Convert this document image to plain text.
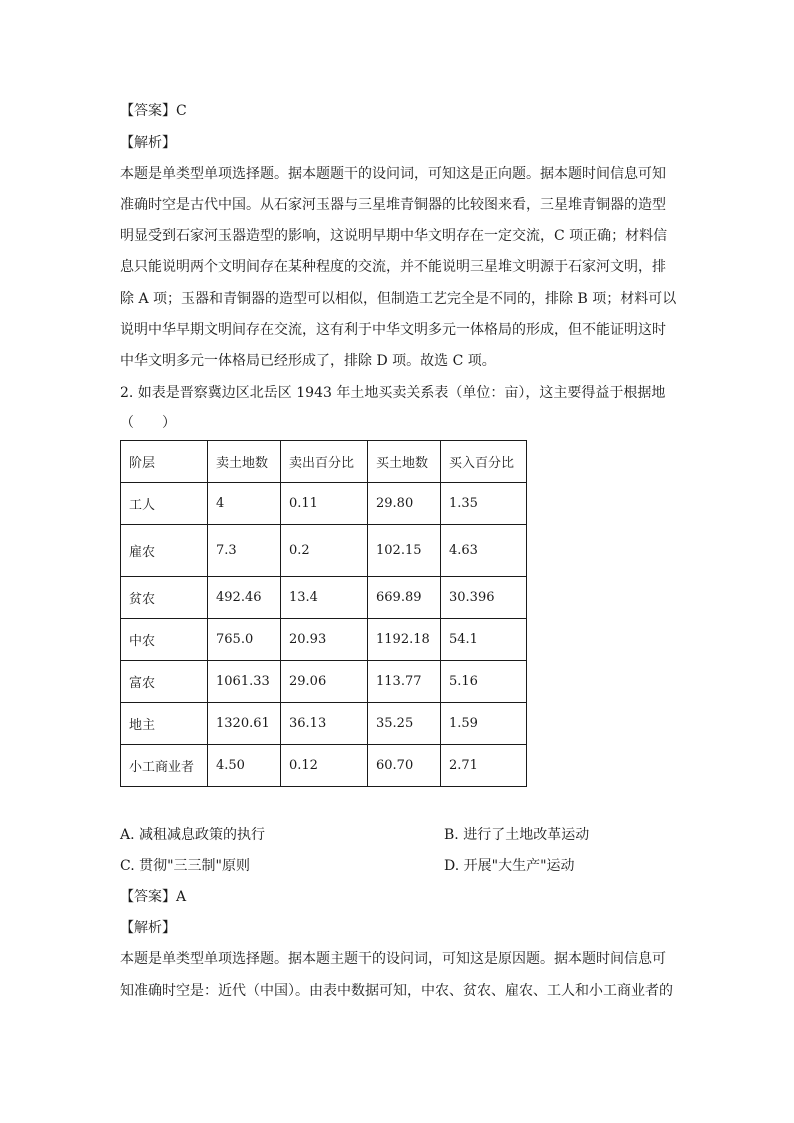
【答案】C
【解析】
本题是单类型单项选择题。据本题题干的设问词，可知这是正向题。据本题时间信息可知
准确时空是古代中国。从石家河玉器与三星堆青铜器的比较图来看，三星堆青铜器的造型
明显受到石家河玉器造型的影响，这说明早期中华文明存在一定交流，C 项正确；材料信
息只能说明两个文明间存在某种程度的交流，并不能说明三星堆文明源于石家河文明，排
除 A 项；玉器和青铜器的造型可以相似，但制造工艺完全是不同的，排除 B 项；材料可以
说明中华早期文明间存在交流，这有利于中华文明多元一体格局的形成，但不能证明这时
中华文明多元一体格局已经形成了，排除 D 项。故选 C 项。
2. 如表是晋察冀边区北岳区 1943 年土地买卖关系表（单位：亩），这主要得益于根据地
（　　）
阶层	卖土地数	卖出百分比	买土地数	买入百分比
工人	4	0.11	29.80	1.35
雇农	7.3	0.2	102.15	4.63
贫农	492.46	13.4	669.89	30.396
中农	765.0	20.93	1192.18	54.1
富农	1061.33	29.06	113.77	5.16
地主	1320.61	36.13	35.25	1.59
小工商业者	4.50	0.12	60.70	2.71
A. 减租减息政策的执行	B. 进行了土地改革运动
C. 贯彻"三三制"原则	D. 开展"大生产"运动
【答案】A
【解析】
本题是单类型单项选择题。据本题主题干的设问词，可知这是原因题。据本题时间信息可
知准确时空是：近代（中国）。由表中数据可知，中农、贫农、雇农、工人和小工商业者的
